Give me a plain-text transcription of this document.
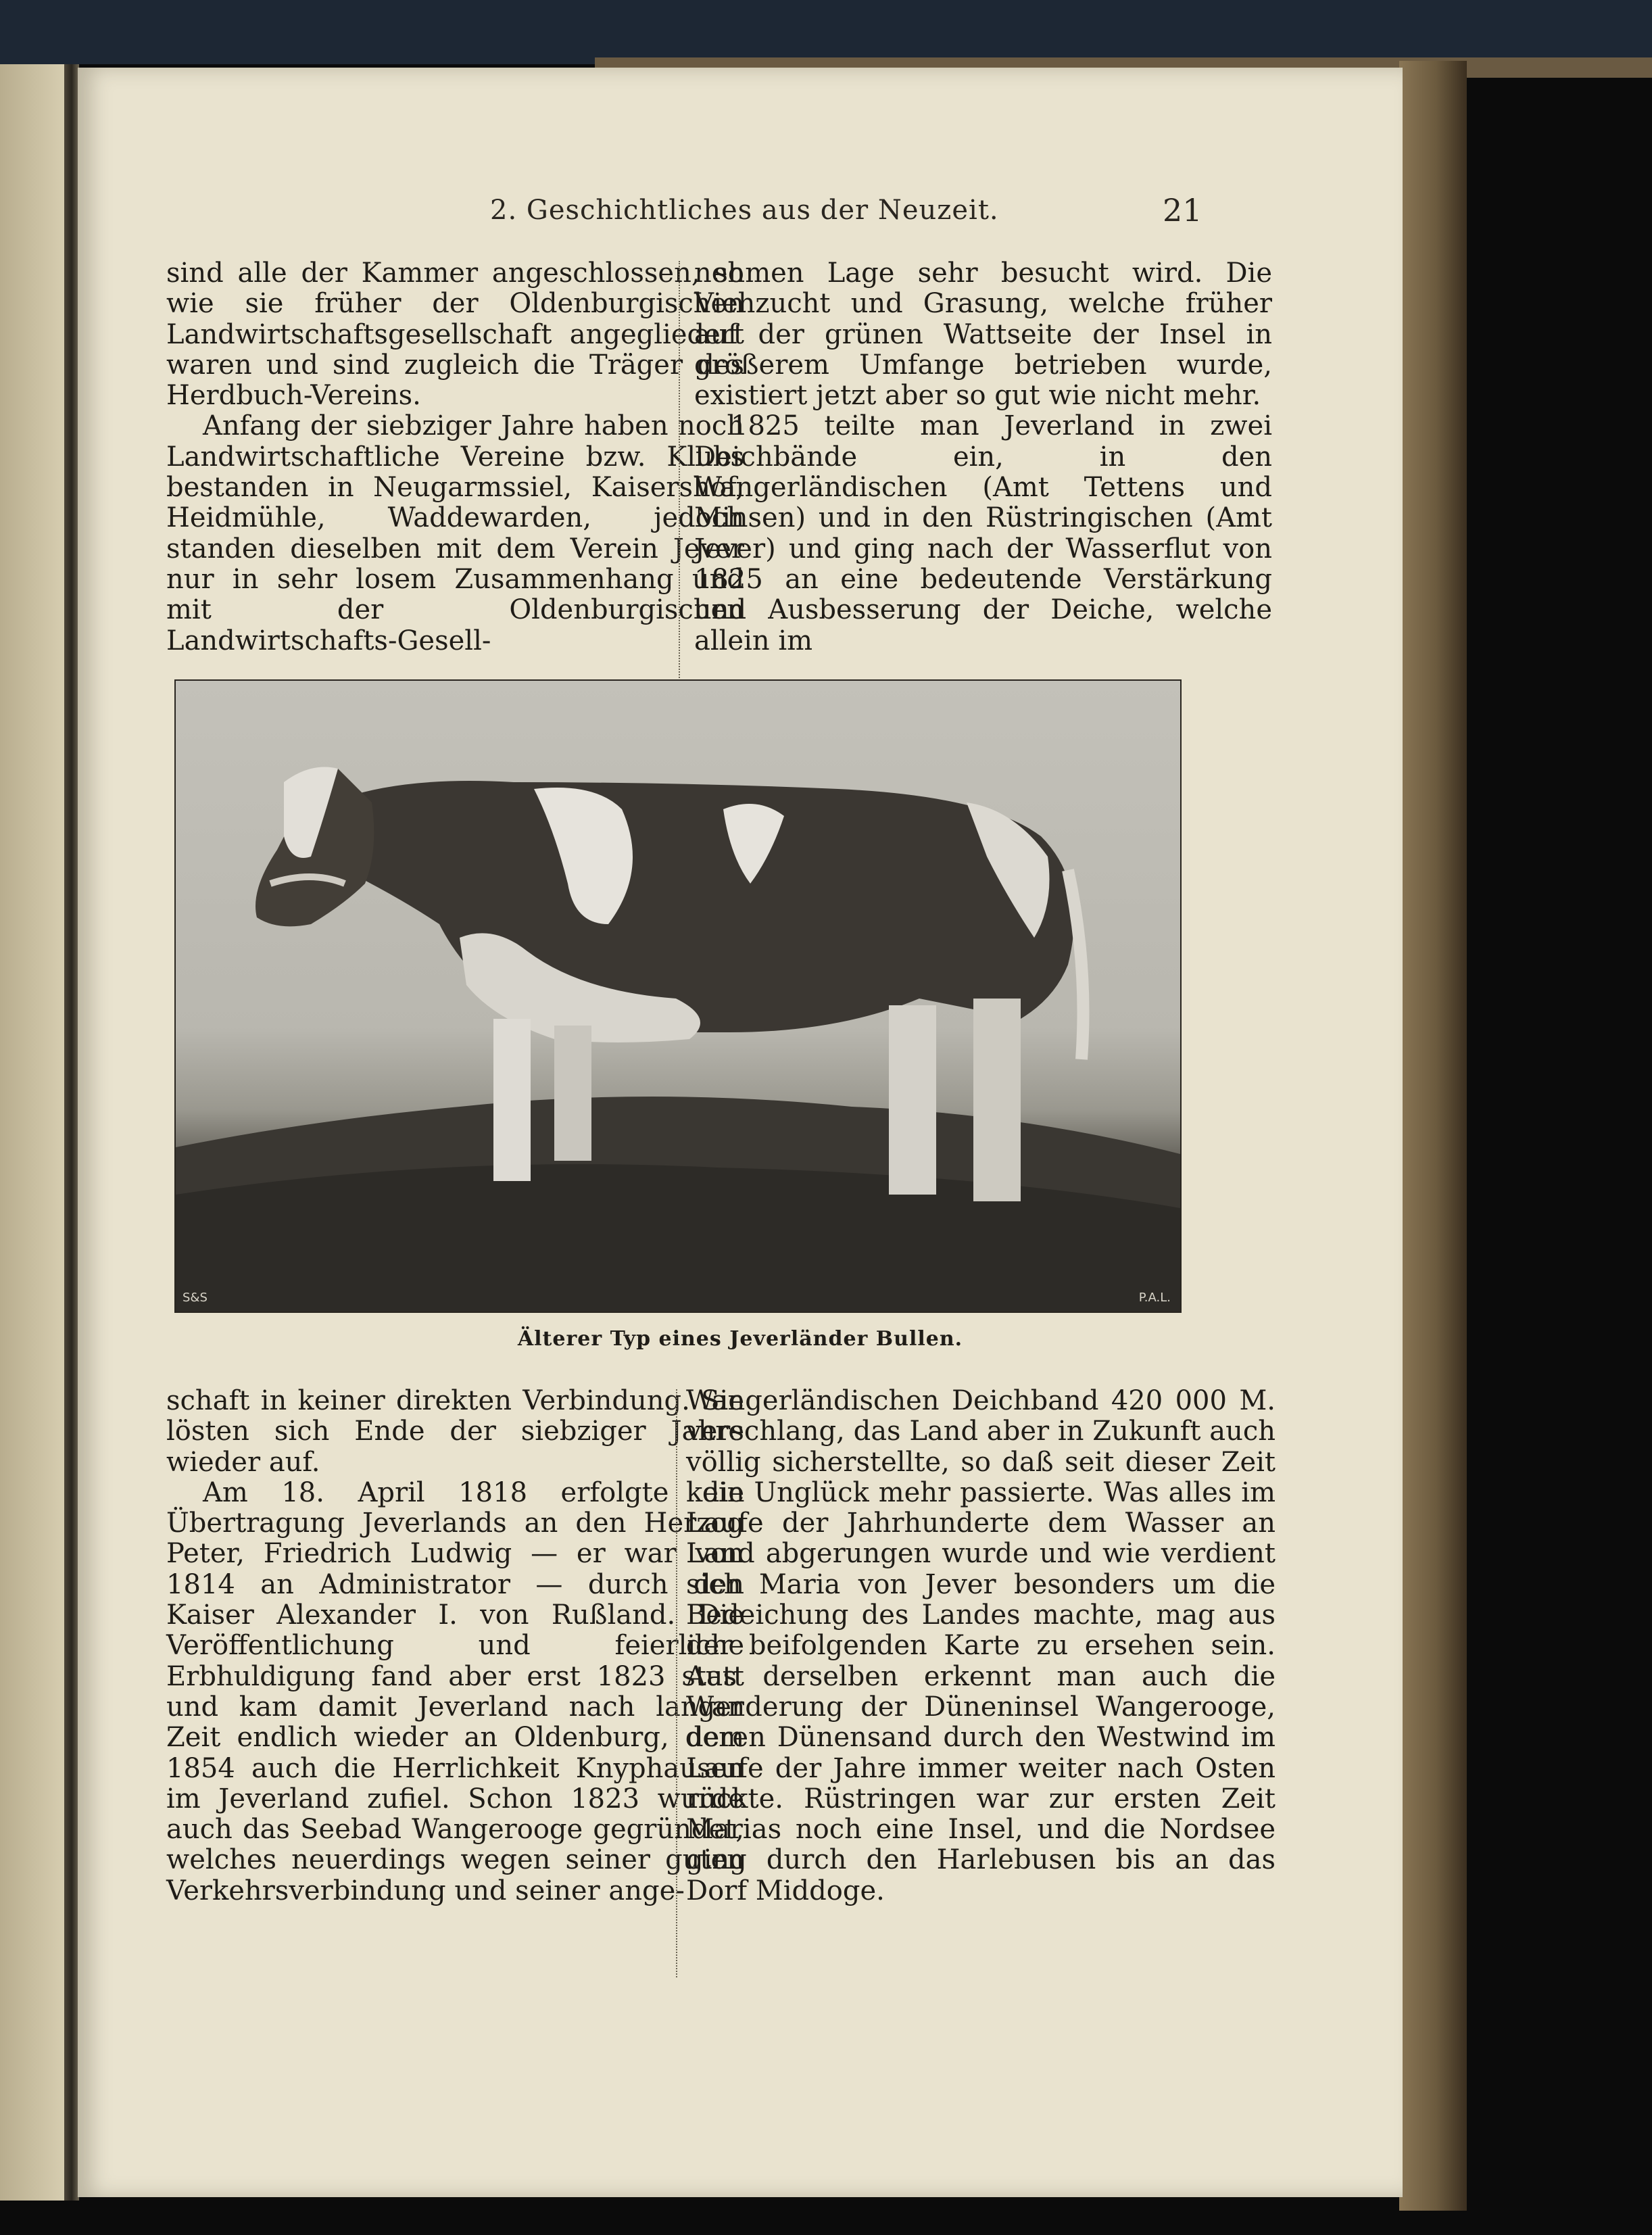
2. Geschichtliches aus der Neuzeit.	21

sind alle der Kammer angeschlossen, so wie sie früher der Oldenburgischen Landwirtschaftsgesellschaft angegliedert waren und sind zugleich die Träger des Herdbuch-Vereins.

Anfang der siebziger Jahre haben noch Landwirtschaftliche Vereine bzw. Klubs bestanden in Neugarmssiel, Kaisershof, Heidmühle, Waddewarden, jedoch standen dieselben mit dem Verein Jever nur in sehr losem Zusammenhang und mit der Oldenburgischen Landwirtschafts-Gesell-

nehmen Lage sehr besucht wird. Die Viehzucht und Grasung, welche früher auf der grünen Wattseite der Insel in größerem Umfange betrieben wurde, existiert jetzt aber so gut wie nicht mehr.

1825 teilte man Jeverland in zwei Deichbände ein, in den Wangerländischen (Amt Tettens und Minsen) und in den Rüstringischen (Amt Jever) und ging nach der Wasserflut von 1825 an eine bedeutende Verstärkung und Ausbesserung der Deiche, welche allein im

S&S	P.A.L.
Älterer Typ eines Jeverländer Bullen.

schaft in keiner direkten Verbindung. Sie lösten sich Ende der siebziger Jahre wieder auf.

Am 18. April 1818 erfolgte die Übertragung Jeverlands an den Herzog Peter, Friedrich Ludwig — er war von 1814 an Administrator — durch den Kaiser Alexander I. von Rußland. Die Veröffentlichung und feierliche Erbhuldigung fand aber erst 1823 statt und kam damit Jeverland nach langer Zeit endlich wieder an Oldenburg, dem 1854 auch die Herrlichkeit Knyphausen im Jeverland zufiel. Schon 1823 wurde auch das Seebad Wangerooge gegründet, welches neuerdings wegen seiner guten Verkehrsverbindung und seiner ange-

Wangerländischen Deichband 420 000 M. verschlang, das Land aber in Zukunft auch völlig sicherstellte, so daß seit dieser Zeit kein Unglück mehr passierte. Was alles im Laufe der Jahrhunderte dem Wasser an Land abgerungen wurde und wie verdient sich Maria von Jever besonders um die Bedeichung des Landes machte, mag aus der beifolgenden Karte zu ersehen sein. Aus derselben erkennt man auch die Wanderung der Düneninsel Wangerooge, deren Dünensand durch den Westwind im Laufe der Jahre immer weiter nach Osten rückte. Rüstringen war zur ersten Zeit Marias noch eine Insel, und die Nordsee ging durch den Harlebusen bis an das Dorf Middoge.
